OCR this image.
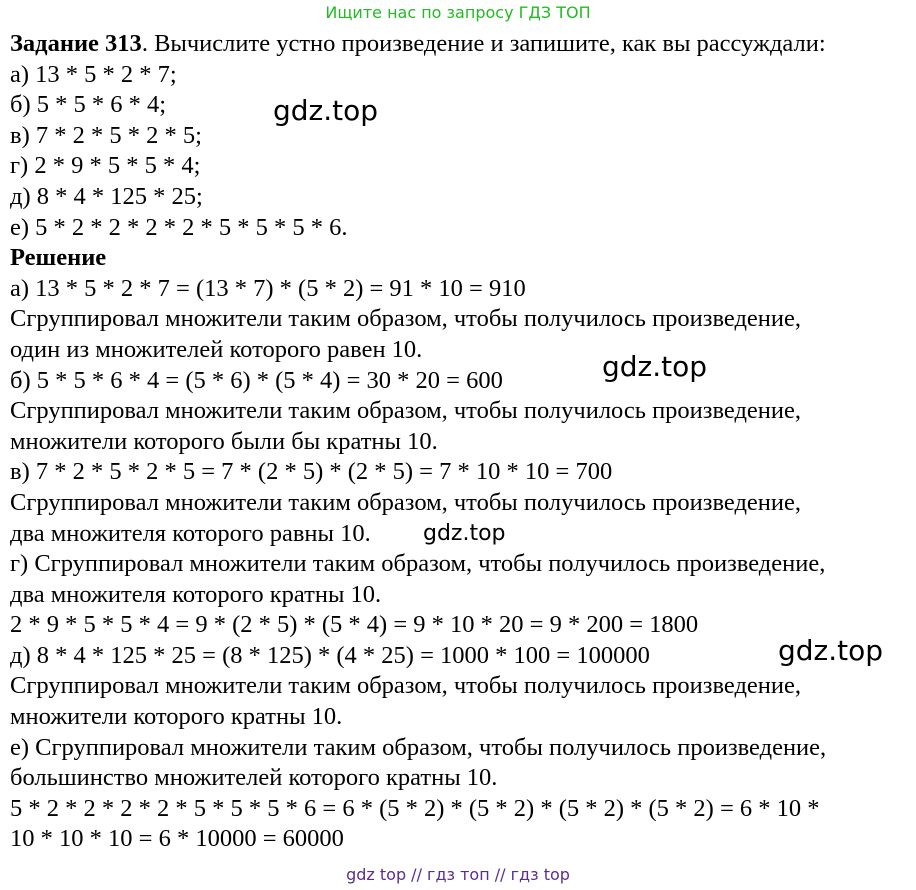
Ищите нас по запросу ГДЗ ТОП
Задание 313. Вычислите устно произведение и запишите, как вы рассуждали:
а) 13 * 5 * 2 * 7;
б) 5 * 5 * 6 * 4;
в) 7 * 2 * 5 * 2 * 5;
г) 2 * 9 * 5 * 5 * 4;
д) 8 * 4 * 125 * 25;
е) 5 * 2 * 2 * 2 * 2 * 5 * 5 * 5 * 6.
Решение
а) 13 * 5 * 2 * 7 = (13 * 7) * (5 * 2) = 91 * 10 = 910
Сгруппировал множители таким образом, чтобы получилось произведение,
один из множителей которого равен 10.
б) 5 * 5 * 6 * 4 = (5 * 6) * (5 * 4) = 30 * 20 = 600
Сгруппировал множители таким образом, чтобы получилось произведение,
множители которого были бы кратны 10.
в) 7 * 2 * 5 * 2 * 5 = 7 * (2 * 5) * (2 * 5) = 7 * 10 * 10 = 700
Сгруппировал множители таким образом, чтобы получилось произведение,
два множителя которого равны 10.
г) Сгруппировал множители таким образом, чтобы получилось произведение,
два множителя которого кратны 10.
2 * 9 * 5 * 5 * 4 = 9 * (2 * 5) * (5 * 4) = 9 * 10 * 20 = 9 * 200 = 1800
д) 8 * 4 * 125 * 25 = (8 * 125) * (4 * 25) = 1000 * 100 = 100000
Сгруппировал множители таким образом, чтобы получилось произведение,
множители которого кратны 10.
е) Сгруппировал множители таким образом, чтобы получилось произведение,
большинство множителей которого кратны 10.
5 * 2 * 2 * 2 * 2 * 5 * 5 * 5 * 6 = 6 * (5 * 2) * (5 * 2) * (5 * 2) * (5 * 2) = 6 * 10 *
10 * 10 * 10 = 6 * 10000 = 60000
gdz.top
gdz.top
gdz.top
gdz.top
gdz top // гдз топ // гдз top
